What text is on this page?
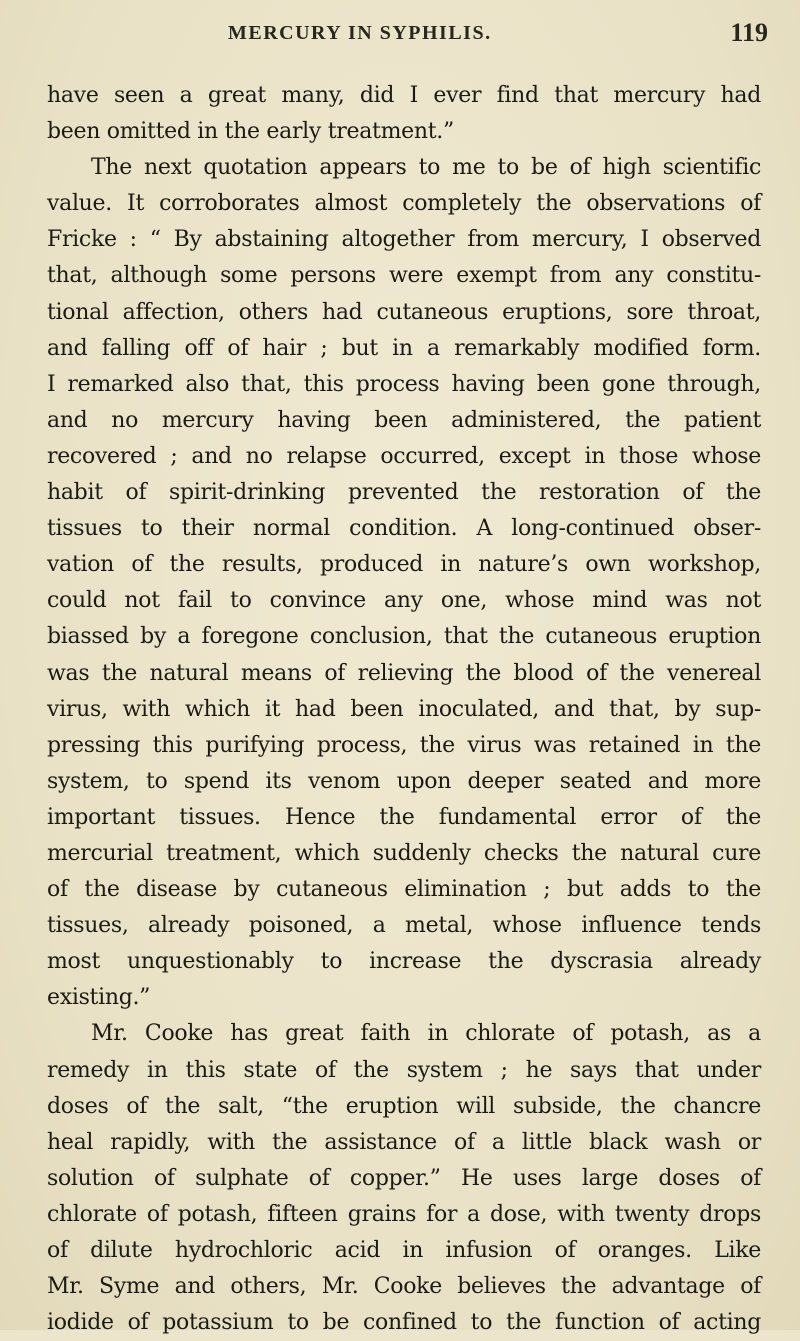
MERCURY IN SYPHILIS.	119
have seen a great many, did I ever find that mercury had
been omitted in the early treatment.”
The next quotation appears to me to be of high scientific
value. It corroborates almost completely the observations of
Fricke : “ By abstaining altogether from mercury, I observed
that, although some persons were exempt from any constitu-
tional affection, others had cutaneous eruptions, sore throat,
and falling off of hair ; but in a remarkably modified form.
I remarked also that, this process having been gone through,
and no mercury having been administered, the patient
recovered ; and no relapse occurred, except in those whose
habit of spirit-drinking prevented the restoration of the
tissues to their normal condition. A long-continued obser-
vation of the results, produced in nature’s own workshop,
could not fail to convince any one, whose mind was not
biassed by a foregone conclusion, that the cutaneous eruption
was the natural means of relieving the blood of the venereal
virus, with which it had been inoculated, and that, by sup-
pressing this purifying process, the virus was retained in the
system, to spend its venom upon deeper seated and more
important tissues. Hence the fundamental error of the
mercurial treatment, which suddenly checks the natural cure
of the disease by cutaneous elimination ; but adds to the
tissues, already poisoned, a metal, whose influence tends
most unquestionably to increase the dyscrasia already
existing.”
Mr. Cooke has great faith in chlorate of potash, as a
remedy in this state of the system ; he says that under
doses of the salt, “the eruption will subside, the chancre
heal rapidly, with the assistance of a little black wash or
solution of sulphate of copper.” He uses large doses of
chlorate of potash, fifteen grains for a dose, with twenty drops
of dilute hydrochloric acid in infusion of oranges. Like
Mr. Syme and others, Mr. Cooke believes the advantage of
iodide of potassium to be confined to the function of acting
